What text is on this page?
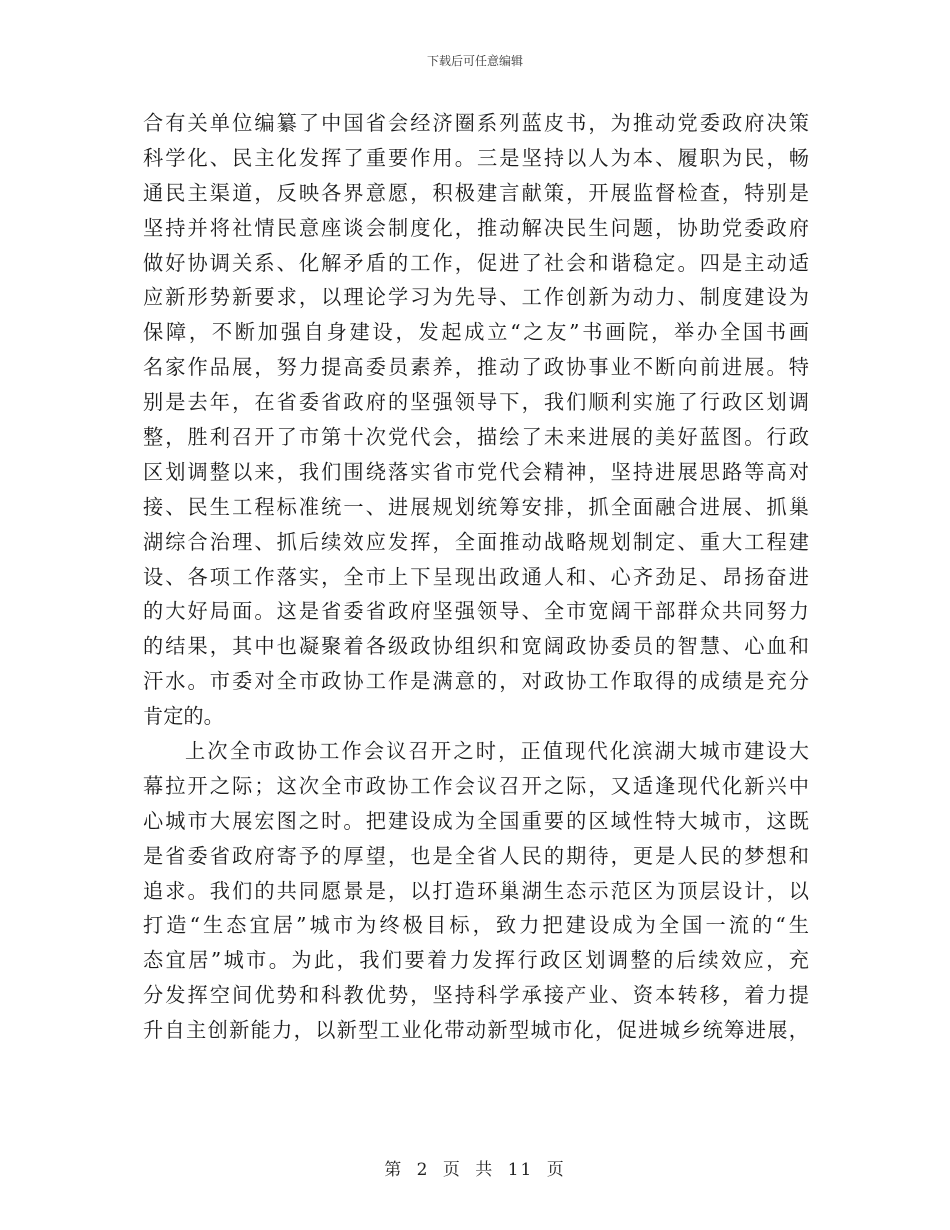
下载后可任意编辑
合有关单位编纂了中国省会经济圈系列蓝皮书，为推动党委政府决策
科学化、民主化发挥了重要作用。三是坚持以人为本、履职为民，畅
通民主渠道，反映各界意愿，积极建言献策，开展监督检查，特别是
坚持并将社情民意座谈会制度化，推动解决民生问题，协助党委政府
做好协调关系、化解矛盾的工作，促进了社会和谐稳定。四是主动适
应新形势新要求，以理论学习为先导、工作创新为动力、制度建设为
保障，不断加强自身建设，发起成立“之友”书画院，举办全国书画
名家作品展，努力提高委员素养，推动了政协事业不断向前进展。特
别是去年，在省委省政府的坚强领导下，我们顺利实施了行政区划调
整，胜利召开了市第十次党代会，描绘了未来进展的美好蓝图。行政
区划调整以来，我们围绕落实省市党代会精神，坚持进展思路等高对
接、民生工程标准统一、进展规划统筹安排，抓全面融合进展、抓巢
湖综合治理、抓后续效应发挥，全面推动战略规划制定、重大工程建
设、各项工作落实，全市上下呈现出政通人和、心齐劲足、昂扬奋进
的大好局面。这是省委省政府坚强领导、全市宽阔干部群众共同努力
的结果，其中也凝聚着各级政协组织和宽阔政协委员的智慧、心血和
汗水。市委对全市政协工作是满意的，对政协工作取得的成绩是充分
肯定的。
上次全市政协工作会议召开之时，正值现代化滨湖大城市建设大
幕拉开之际；这次全市政协工作会议召开之际，又适逢现代化新兴中
心城市大展宏图之时。把建设成为全国重要的区域性特大城市，这既
是省委省政府寄予的厚望，也是全省人民的期待，更是人民的梦想和
追求。我们的共同愿景是，以打造环巢湖生态示范区为顶层设计，以
打造“生态宜居”城市为终极目标，致力把建设成为全国一流的“生
态宜居”城市。为此，我们要着力发挥行政区划调整的后续效应，充
分发挥空间优势和科教优势，坚持科学承接产业、资本转移，着力提
升自主创新能力，以新型工业化带动新型城市化，促进城乡统筹进展，
第 2 页 共 11 页
